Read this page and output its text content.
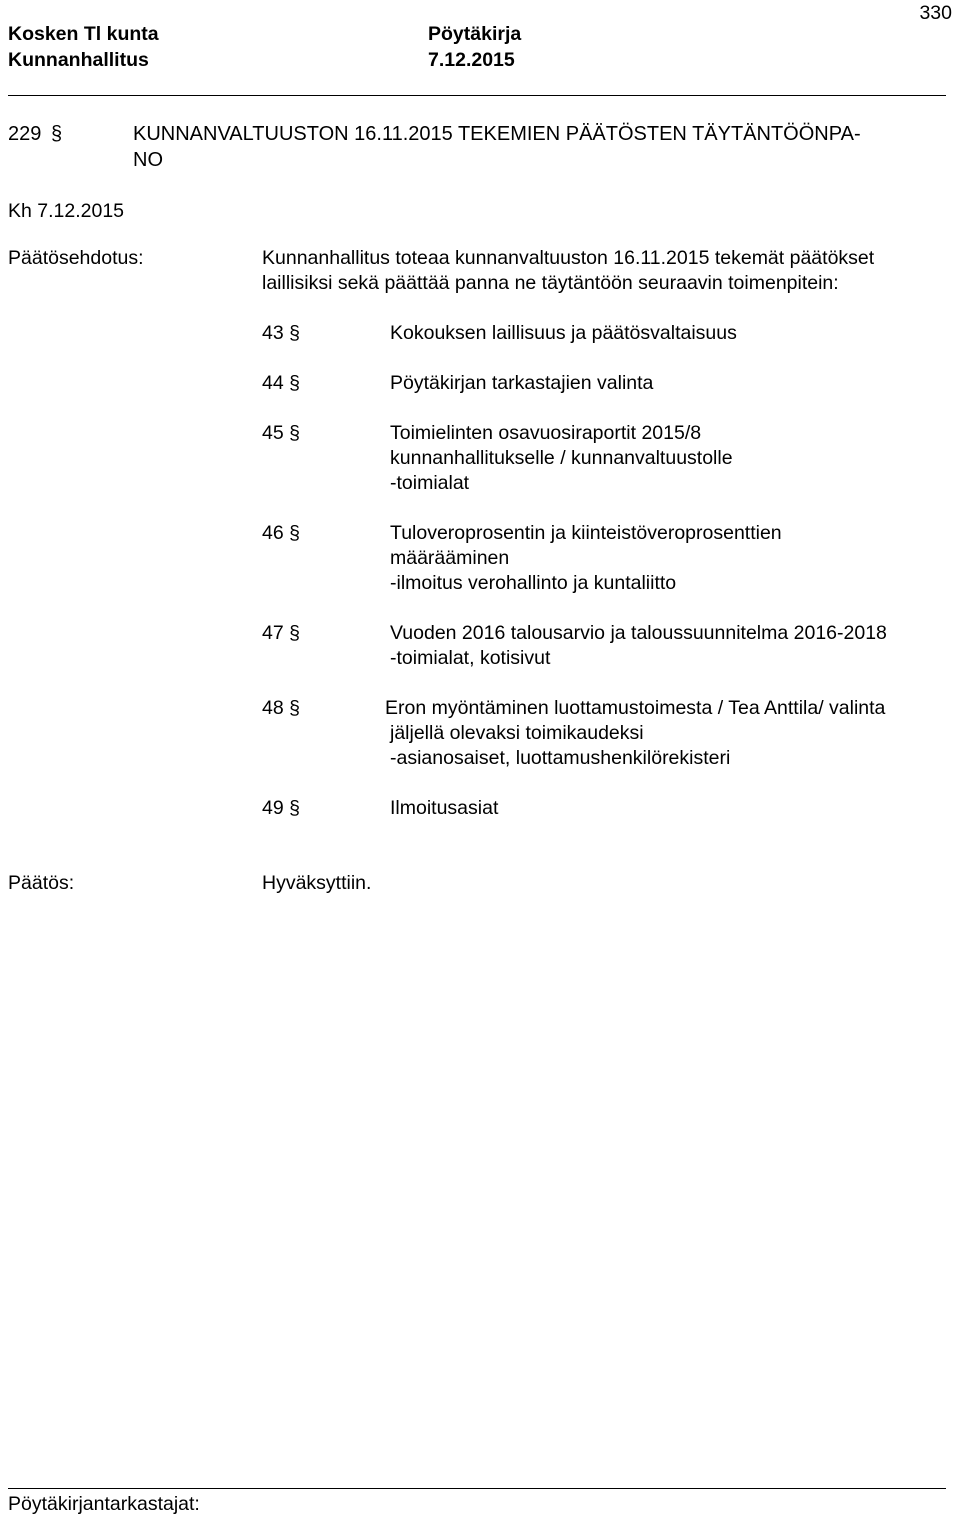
330
Kosken Tl kunta
Kunnanhallitus
Pöytäkirja
7.12.2015
229 §	KUNNANVALTUUSTON 16.11.2015 TEKEMIEN PÄÄTÖSTEN TÄYTÄNTÖÖNPA-
NO
Kh 7.12.2015
Päätösehdotus:	Kunnanhallitus toteaa kunnanvaltuuston 16.11.2015 tekemät päätökset
laillisiksi sekä päättää panna ne täytäntöön seuraavin toimenpitein:
43 §	Kokouksen laillisuus ja päätösvaltaisuus
44 §	Pöytäkirjan tarkastajien valinta
45 §	Toimielinten osavuosiraportit 2015/8
kunnanhallitukselle / kunnanvaltuustolle
-toimialat
46 §	Tuloveroprosentin ja kiinteistöveroprosenttien
määrääminen
-ilmoitus verohallinto ja kuntaliitto
47 §	Vuoden 2016 talousarvio ja taloussuunnitelma 2016-2018
-toimialat, kotisivut
48 §	Eron myöntäminen luottamustoimesta / Tea Anttila/ valinta
jäljellä olevaksi toimikaudeksi
-asianosaiset, luottamushenkilörekisteri
49 §	Ilmoitusasiat
Päätös:	Hyväksyttiin.
Pöytäkirjantarkastajat:
